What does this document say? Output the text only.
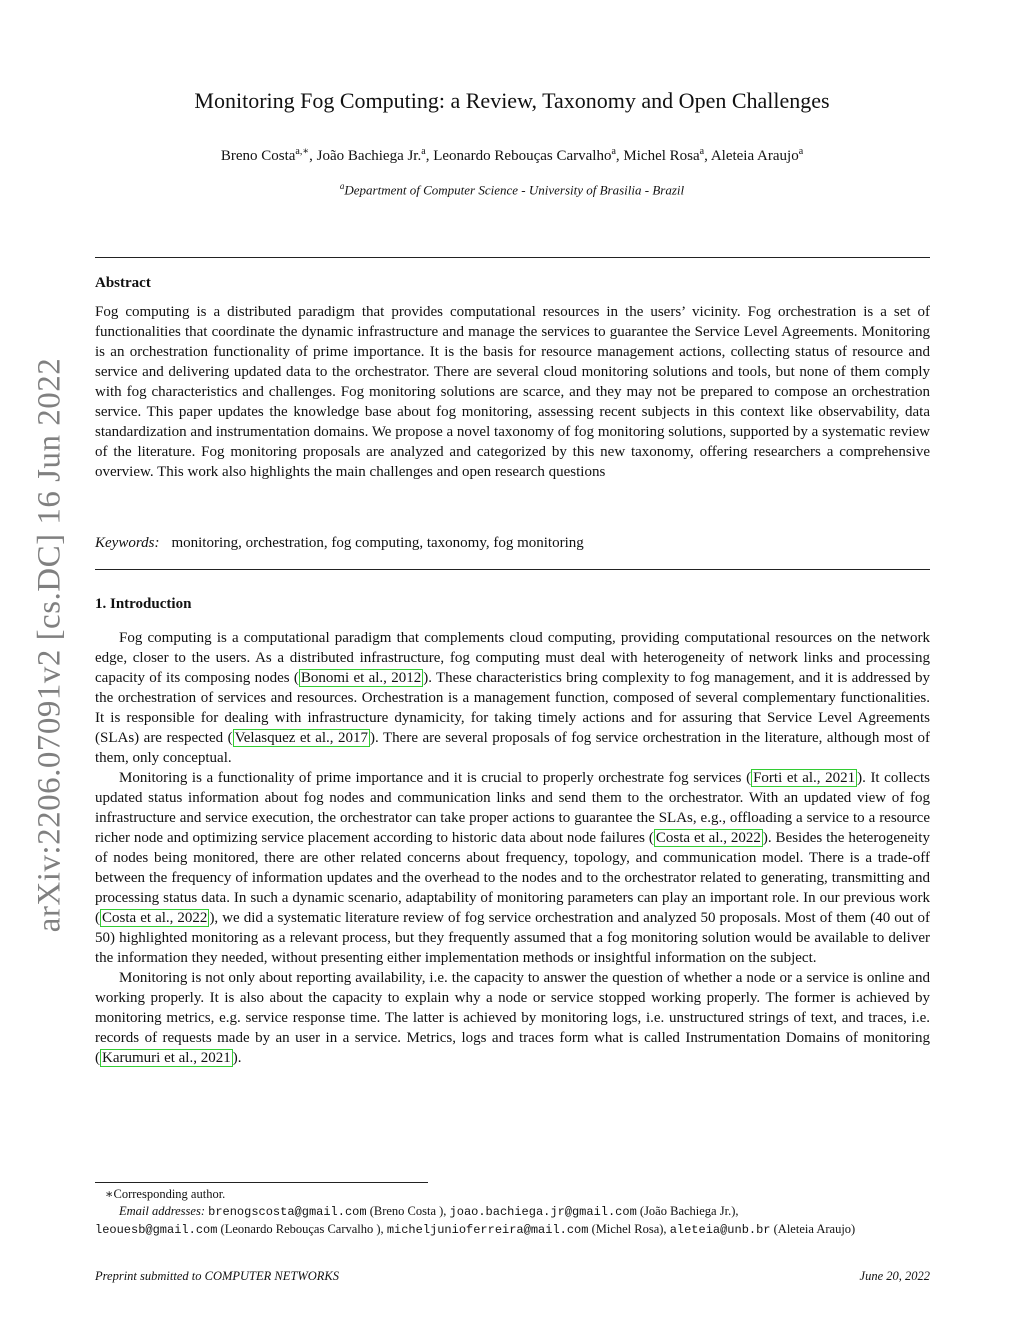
arXiv:2206.07091v2 [cs.DC] 16 Jun 2022
Monitoring Fog Computing: a Review, Taxonomy and Open Challenges
Breno Costa$^{a,∗}$, João Bachiega Jr.$^a$, Leonardo Rebouças Carvalho$^a$, Michel Rosa$^a$, Aleteia Araujo$^a$
$^a$Department of Computer Science - University of Brasilia - Brazil
Abstract
Fog computing is a distributed paradigm that provides computational resources in the users’ vicinity. Fog orchestration is a set of functionalities that coordinate the dynamic infrastructure and manage the services to guarantee the Service Level Agreements. Monitoring is an orchestration functionality of prime importance. It is the basis for resource management actions, collecting status of resource and service and delivering updated data to the orchestrator. There are several cloud monitoring solutions and tools, but none of them comply with fog characteristics and challenges. Fog monitoring solutions are scarce, and they may not be prepared to compose an orchestration service. This paper updates the knowledge base about fog monitoring, assessing recent subjects in this context like observability, data standardization and instrumentation domains. We propose a novel taxonomy of fog monitoring solutions, supported by a systematic review of the literature. Fog monitoring proposals are analyzed and categorized by this new taxonomy, offering researchers a comprehensive overview. This work also highlights the main challenges and open research questions
Keywords: monitoring, orchestration, fog computing, taxonomy, fog monitoring
1. Introduction

Fog computing is a computational paradigm that complements cloud computing, providing computational resources on the network edge, closer to the users. As a distributed infrastructure, fog computing must deal with heterogeneity of network links and processing capacity of its composing nodes ( Bonomi et al., 2012 ). These characteristics bring complexity to fog management, and it is addressed by the orchestration of services and resources. Orchestration is a management function, composed of several complementary functionalities. It is responsible for dealing with infrastructure dynamicity, for taking timely actions and for assuring that Service Level Agreements (SLAs) are respected ( Velasquez et al., 2017 ). There are several proposals of fog service orchestration in the literature, although most of them, only conceptual.

Monitoring is a functionality of prime importance and it is crucial to properly orchestrate fog services ( Forti et al., 2021 ). It collects updated status information about fog nodes and communication links and send them to the orchestrator. With an updated view of fog infrastructure and service execution, the orchestrator can take proper actions to guarantee the SLAs, e.g., offloading a service to a resource richer node and optimizing service placement according to historic data about node failures ( Costa et al., 2022 ). Besides the heterogeneity of nodes being monitored, there are other related concerns about frequency, topology, and communication model. There is a trade-off between the frequency of information updates and the overhead to the nodes and to the orchestrator related to generating, transmitting and processing status data. In such a dynamic scenario, adaptability of monitoring parameters can play an important role. In our previous work ( Costa et al., 2022 ), we did a systematic literature review of fog service orchestration and analyzed 50 proposals. Most of them (40 out of 50) highlighted monitoring as a relevant process, but they frequently assumed that a fog monitoring solution would be available to deliver the information they needed, without presenting either implementation methods or insightful information on the subject.

Monitoring is not only about reporting availability, i.e. the capacity to answer the question of whether a node or a service is online and working properly. It is also about the capacity to explain why a node or service stopped working properly. The former is achieved by monitoring metrics, e.g. service response time. The latter is achieved by monitoring logs, i.e. unstructured strings of text, and traces, i.e. records of requests made by an user in a service. Metrics, logs and traces form what is called Instrumentation Domains of monitoring ( Karumuri et al., 2021 ).

∗Corresponding author.
Email addresses: brenogscosta@gmail.com (Breno Costa ), joao.bachiega.jr@gmail.com (João Bachiega Jr.),
leouesb@gmail.com (Leonardo Rebouças Carvalho ), micheljunioferreira@mail.com (Michel Rosa), aleteia@unb.br (Aleteia Araujo)
Preprint submitted to COMPUTER NETWORKS	June 20, 2022
